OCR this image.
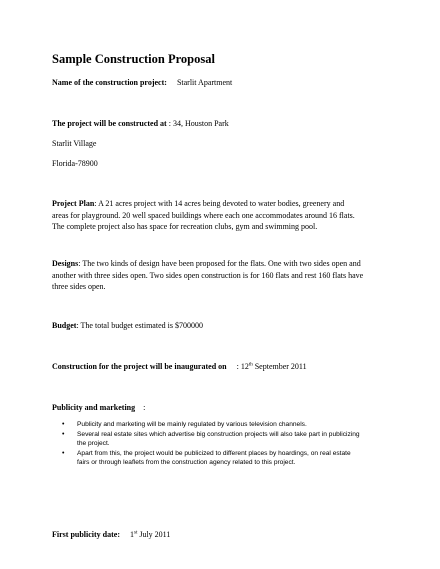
Sample Construction Proposal
Name of the construction project: Starlit Apartment
The project will be constructed at : 34, Houston Park
Starlit Village
Florida-78900
Project Plan: A 21 acres project with 14 acres being devoted to water bodies, greenery and
areas for playground. 20 well spaced buildings where each one accommodates around 16 flats.
The complete project also has space for recreation clubs, gym and swimming pool.
Designs: The two kinds of design have been proposed for the flats. One with two sides open and
another with three sides open. Two sides open construction is for 160 flats and rest 160 flats have
three sides open.
Budget: The total budget estimated is $700000
Construction for the project will be inaugurated on : 12th September 2011
Publicity and marketing :
• Publicity and marketing will be mainly regulated by various television channels.
• Several real estate sites which advertise big construction projects will also take part in publicizing
the project.
• Apart from this, the project would be publicized to different places by hoardings, on real estate
fairs or through leaflets from the construction agency related to this project.
First publicity date: 1st July 2011
